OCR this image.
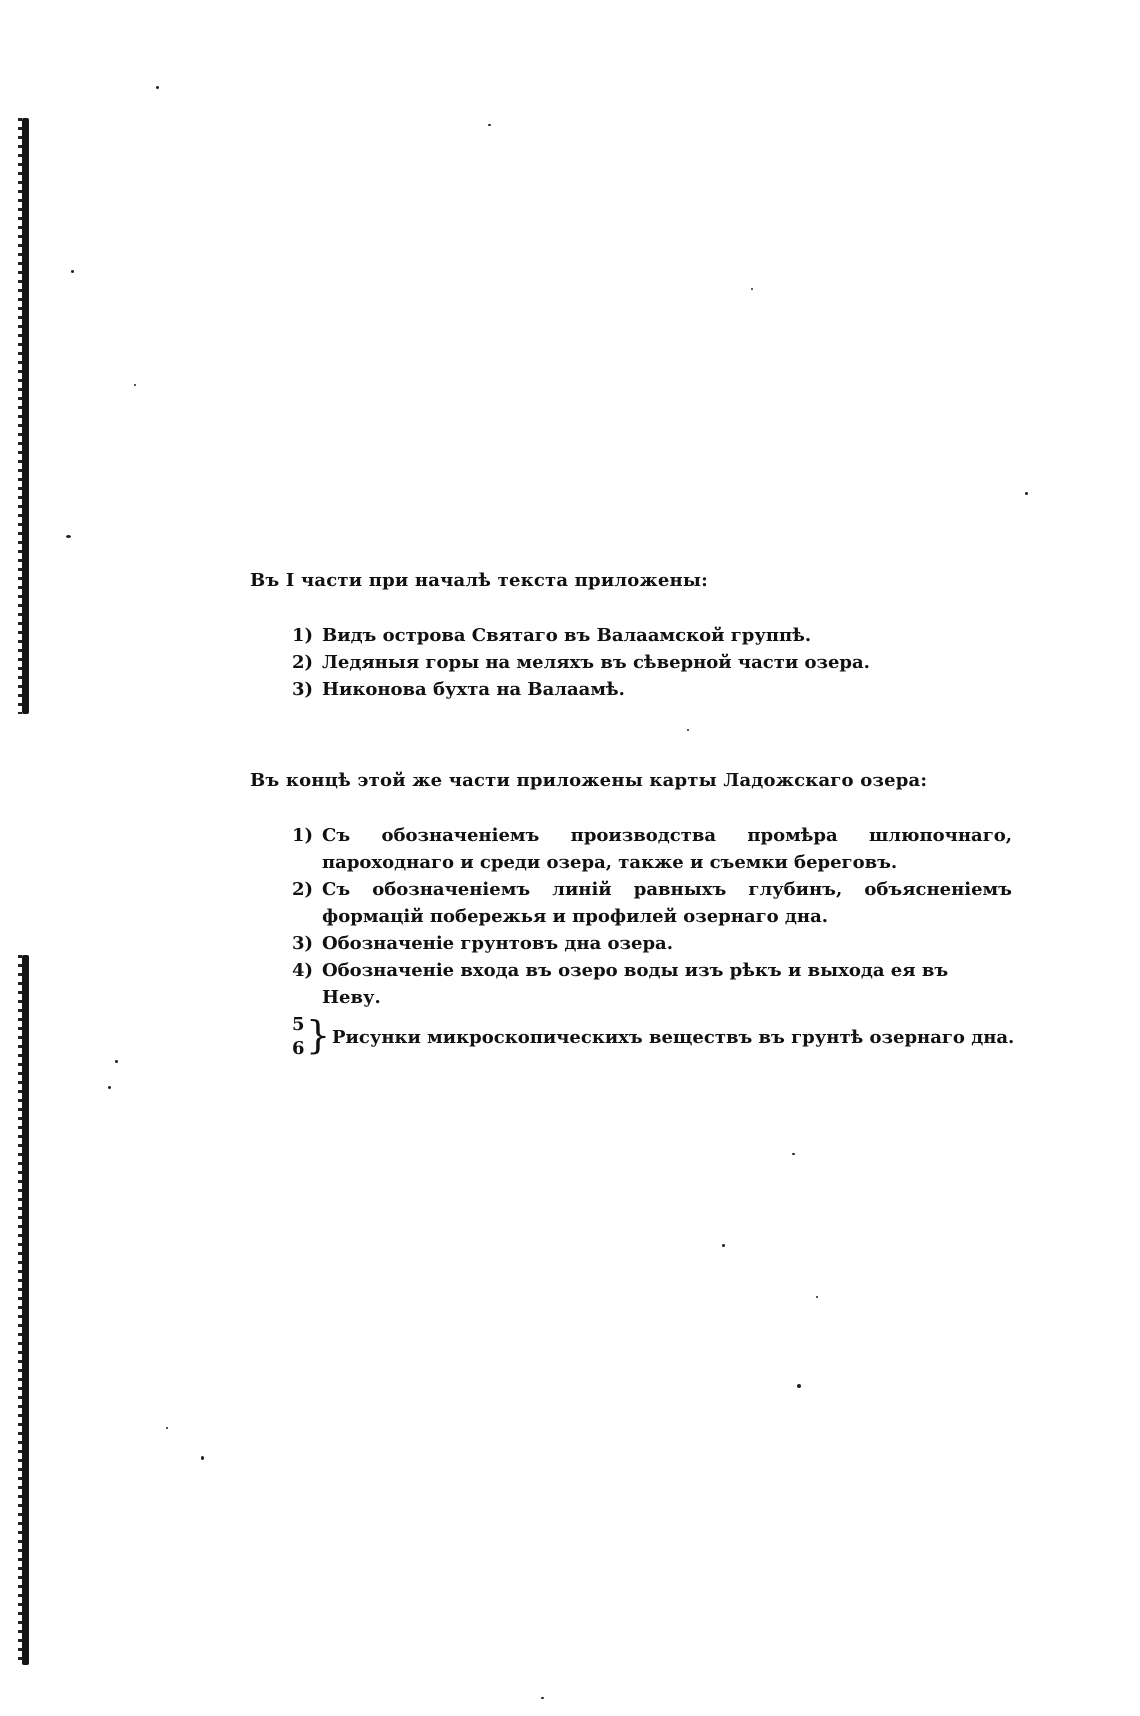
Въ I части при началѣ текста приложены:
1) Видъ острова Святаго въ Валаамской группѣ.
2) Ледяныя горы на меляхъ въ сѣверной части озера.
3) Никонова бухта на Валаамѣ.
Въ концѣ этой же части приложены карты Ладожскаго озера:
1) Съ обозначеніемъ производства промѣра шлюпочнаго, пароходнаго и среди озера, также и съемки береговъ.
2) Съ обозначеніемъ линій равныхъ глубинъ, объясненіемъ формацій побережья и профилей озернаго дна.
3) Обозначеніе грунтовъ дна озера.
4) Обозначеніе входа въ озеро воды изъ рѣкъ и выхода ея въ Неву.
5
6 } Рисунки микроскопическихъ веществъ въ грунтѣ озернаго дна.
